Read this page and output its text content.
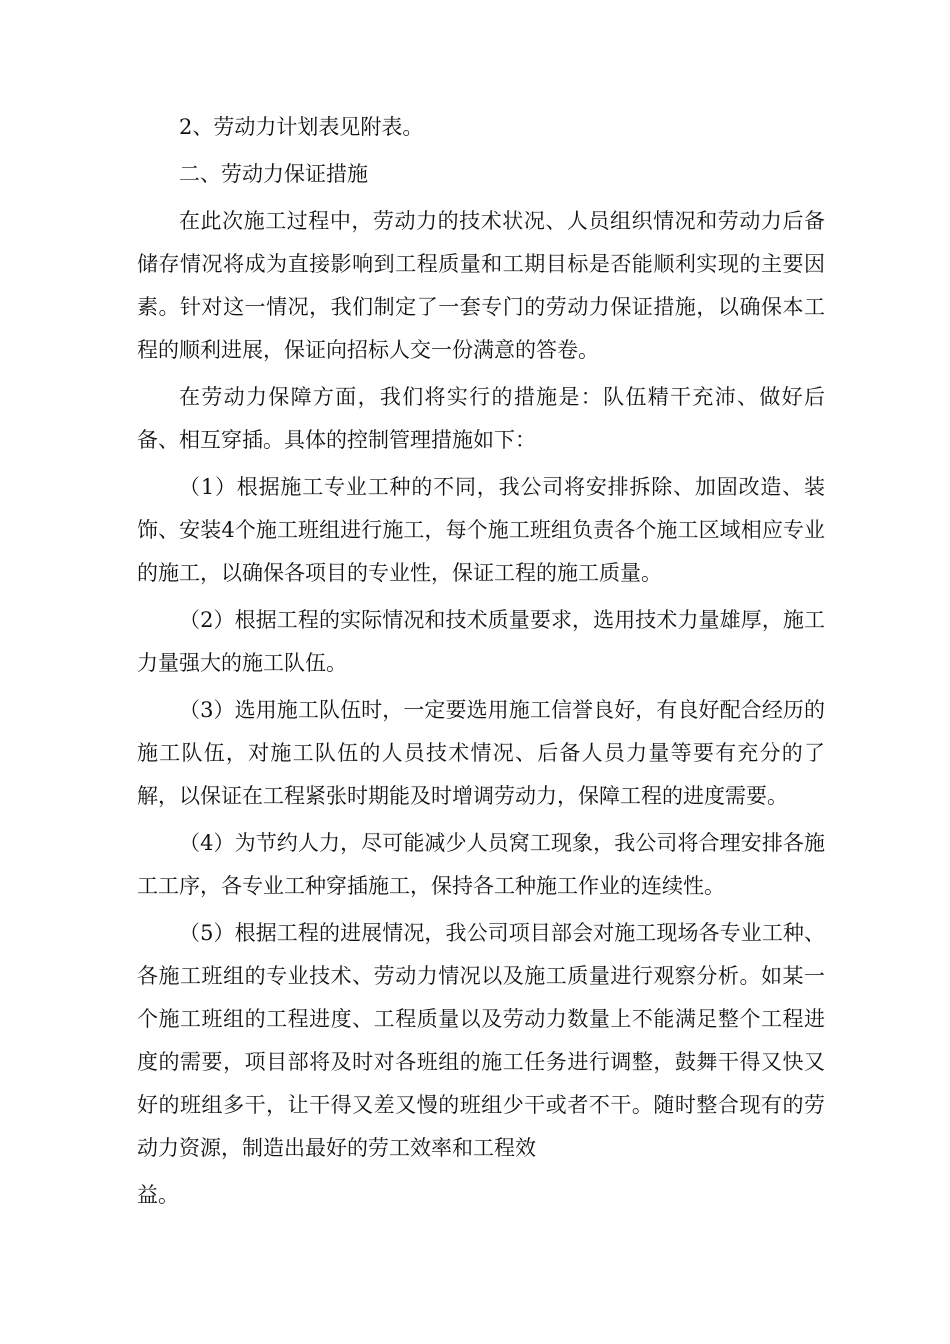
2、劳动力计划表见附表。

二、劳动力保证措施

在此次施工过程中，劳动力的技术状况、人员组织情况和劳动力后备储存情况将成为直接影响到工程质量和工期目标是否能顺利实现的主要因素。针对这一情况，我们制定了一套专门的劳动力保证措施，以确保本工程的顺利进展，保证向招标人交一份满意的答卷。

在劳动力保障方面，我们将实行的措施是：队伍精干充沛、做好后备、相互穿插。具体的控制管理措施如下：

（1）根据施工专业工种的不同，我公司将安排拆除、加固改造、装饰、安装4个施工班组进行施工，每个施工班组负责各个施工区域相应专业的施工，以确保各项目的专业性，保证工程的施工质量。

（2）根据工程的实际情况和技术质量要求，选用技术力量雄厚，施工力量强大的施工队伍。

（3）选用施工队伍时，一定要选用施工信誉良好，有良好配合经历的施工队伍，对施工队伍的人员技术情况、后备人员力量等要有充分的了解，以保证在工程紧张时期能及时增调劳动力，保障工程的进度需要。

（4）为节约人力，尽可能减少人员窝工现象，我公司将合理安排各施工工序，各专业工种穿插施工，保持各工种施工作业的连续性。

（5）根据工程的进展情况，我公司项目部会对施工现场各专业工种、各施工班组的专业技术、劳动力情况以及施工质量进行观察分析。如某一个施工班组的工程进度、工程质量以及劳动力数量上不能满足整个工程进度的需要，项目部将及时对各班组的施工任务进行调整，鼓舞干得又快又好的班组多干，让干得又差又慢的班组少干或者不干。随时整合现有的劳动力资源，制造出最好的劳工效率和工程效

益。
